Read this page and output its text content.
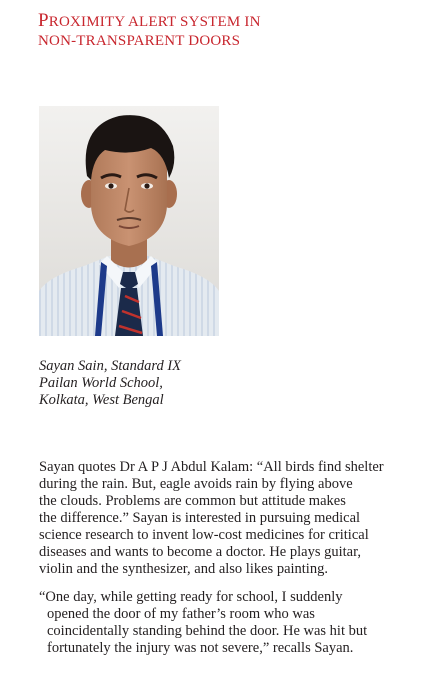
PROXIMITY ALERT SYSTEM IN
NON-TRANSPARENT DOORS
Sayan Sain, Standard IX
Pailan World School,
Kolkata, West Bengal
Sayan quotes Dr A P J Abdul Kalam: “All birds find shelter
during the rain. But, eagle avoids rain by flying above
the clouds. Problems are common but attitude makes
the difference.” Sayan is interested in pursuing medical
science research to invent low-cost medicines for critical
diseases and wants to become a doctor. He plays guitar,
violin and the synthesizer, and also likes painting.
“One day, while getting ready for school, I suddenly
opened the door of my father’s room who was
coincidentally standing behind the door. He was hit but
fortunately the injury was not severe,” recalls Sayan.
